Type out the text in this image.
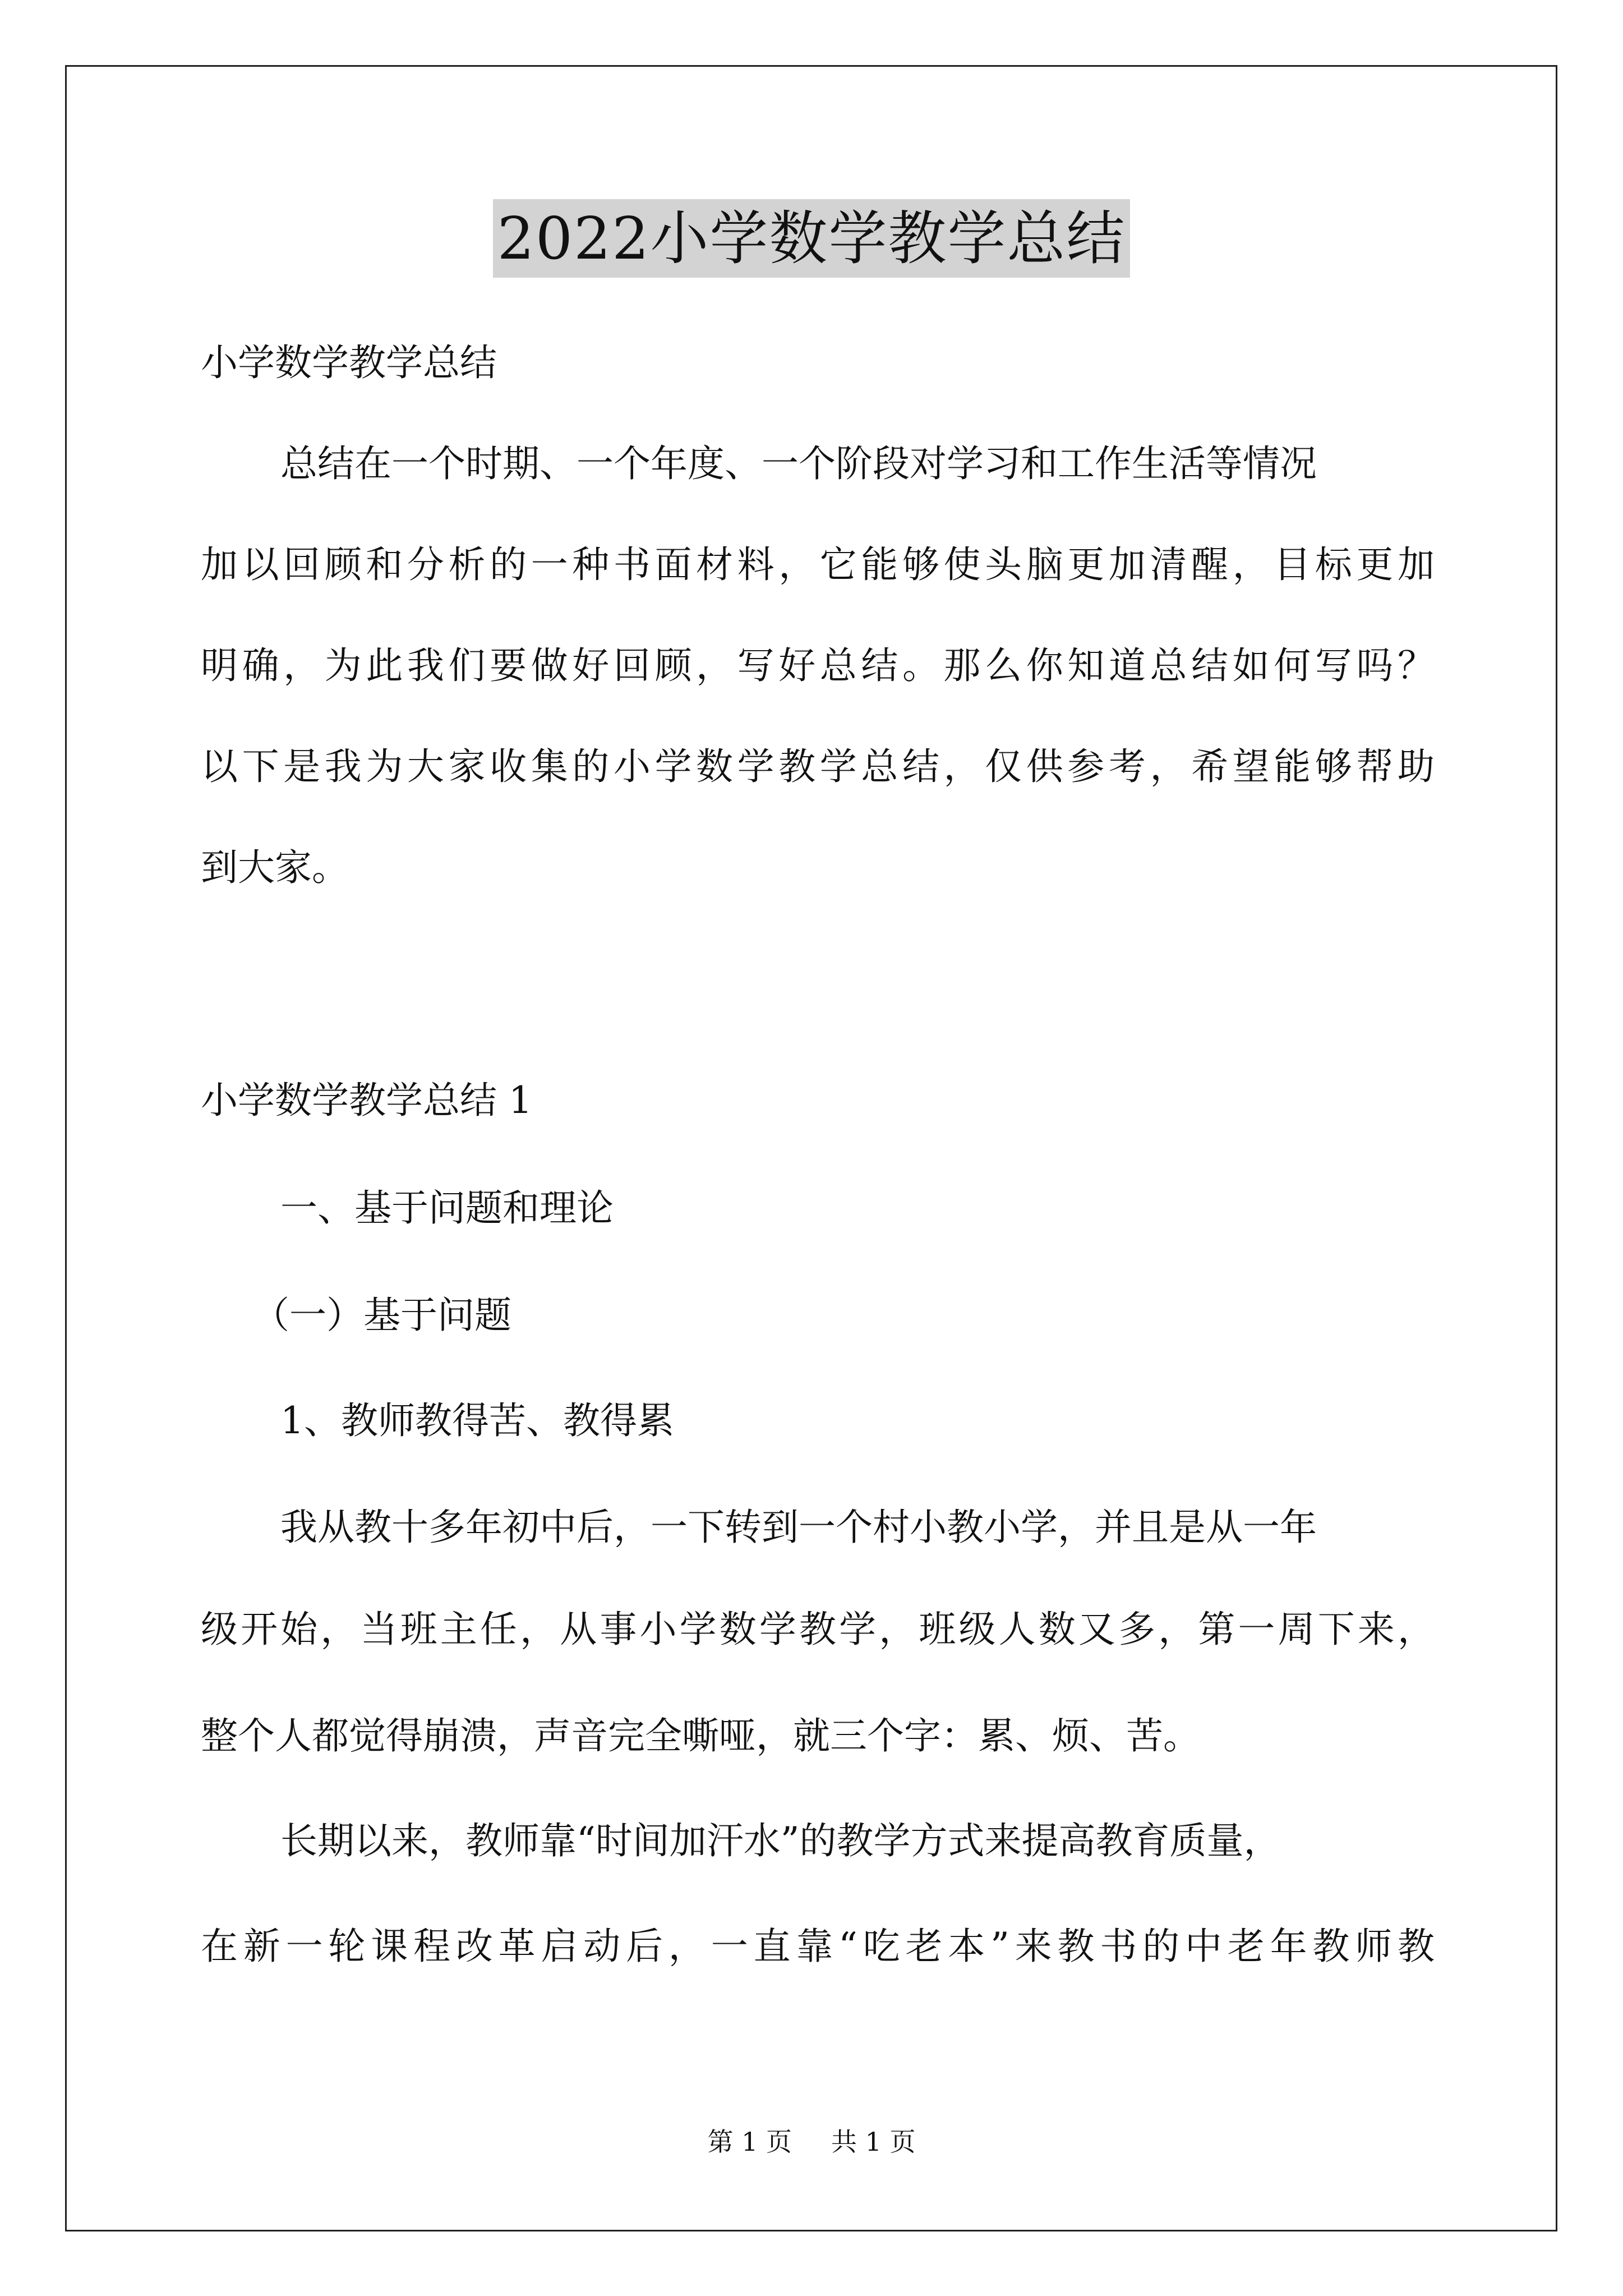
2022小学数学教学总结
小学数学教学总结
总结在一个时期、一个年度、一个阶段对学习和工作生活等情况
加以回顾和分析的一种书面材料，它能够使头脑更加清醒，目标更加
明确，为此我们要做好回顾，写好总结。那么你知道总结如何写吗？
以下是我为大家收集的小学数学教学总结，仅供参考，希望能够帮助
到大家。
小学数学教学总结 1
一、基于问题和理论
（一）基于问题
1、教师教得苦、教得累
我从教十多年初中后，一下转到一个村小教小学，并且是从一年
级开始，当班主任，从事小学数学教学，班级人数又多，第一周下来，
整个人都觉得崩溃，声音完全嘶哑，就三个字：累、烦、苦。
长期以来，教师靠“时间加汗水”的教学方式来提高教育质量，
在新一轮课程改革启动后，一直靠“吃老本”来教书的中老年教师教
第 1 页 共 1 页
